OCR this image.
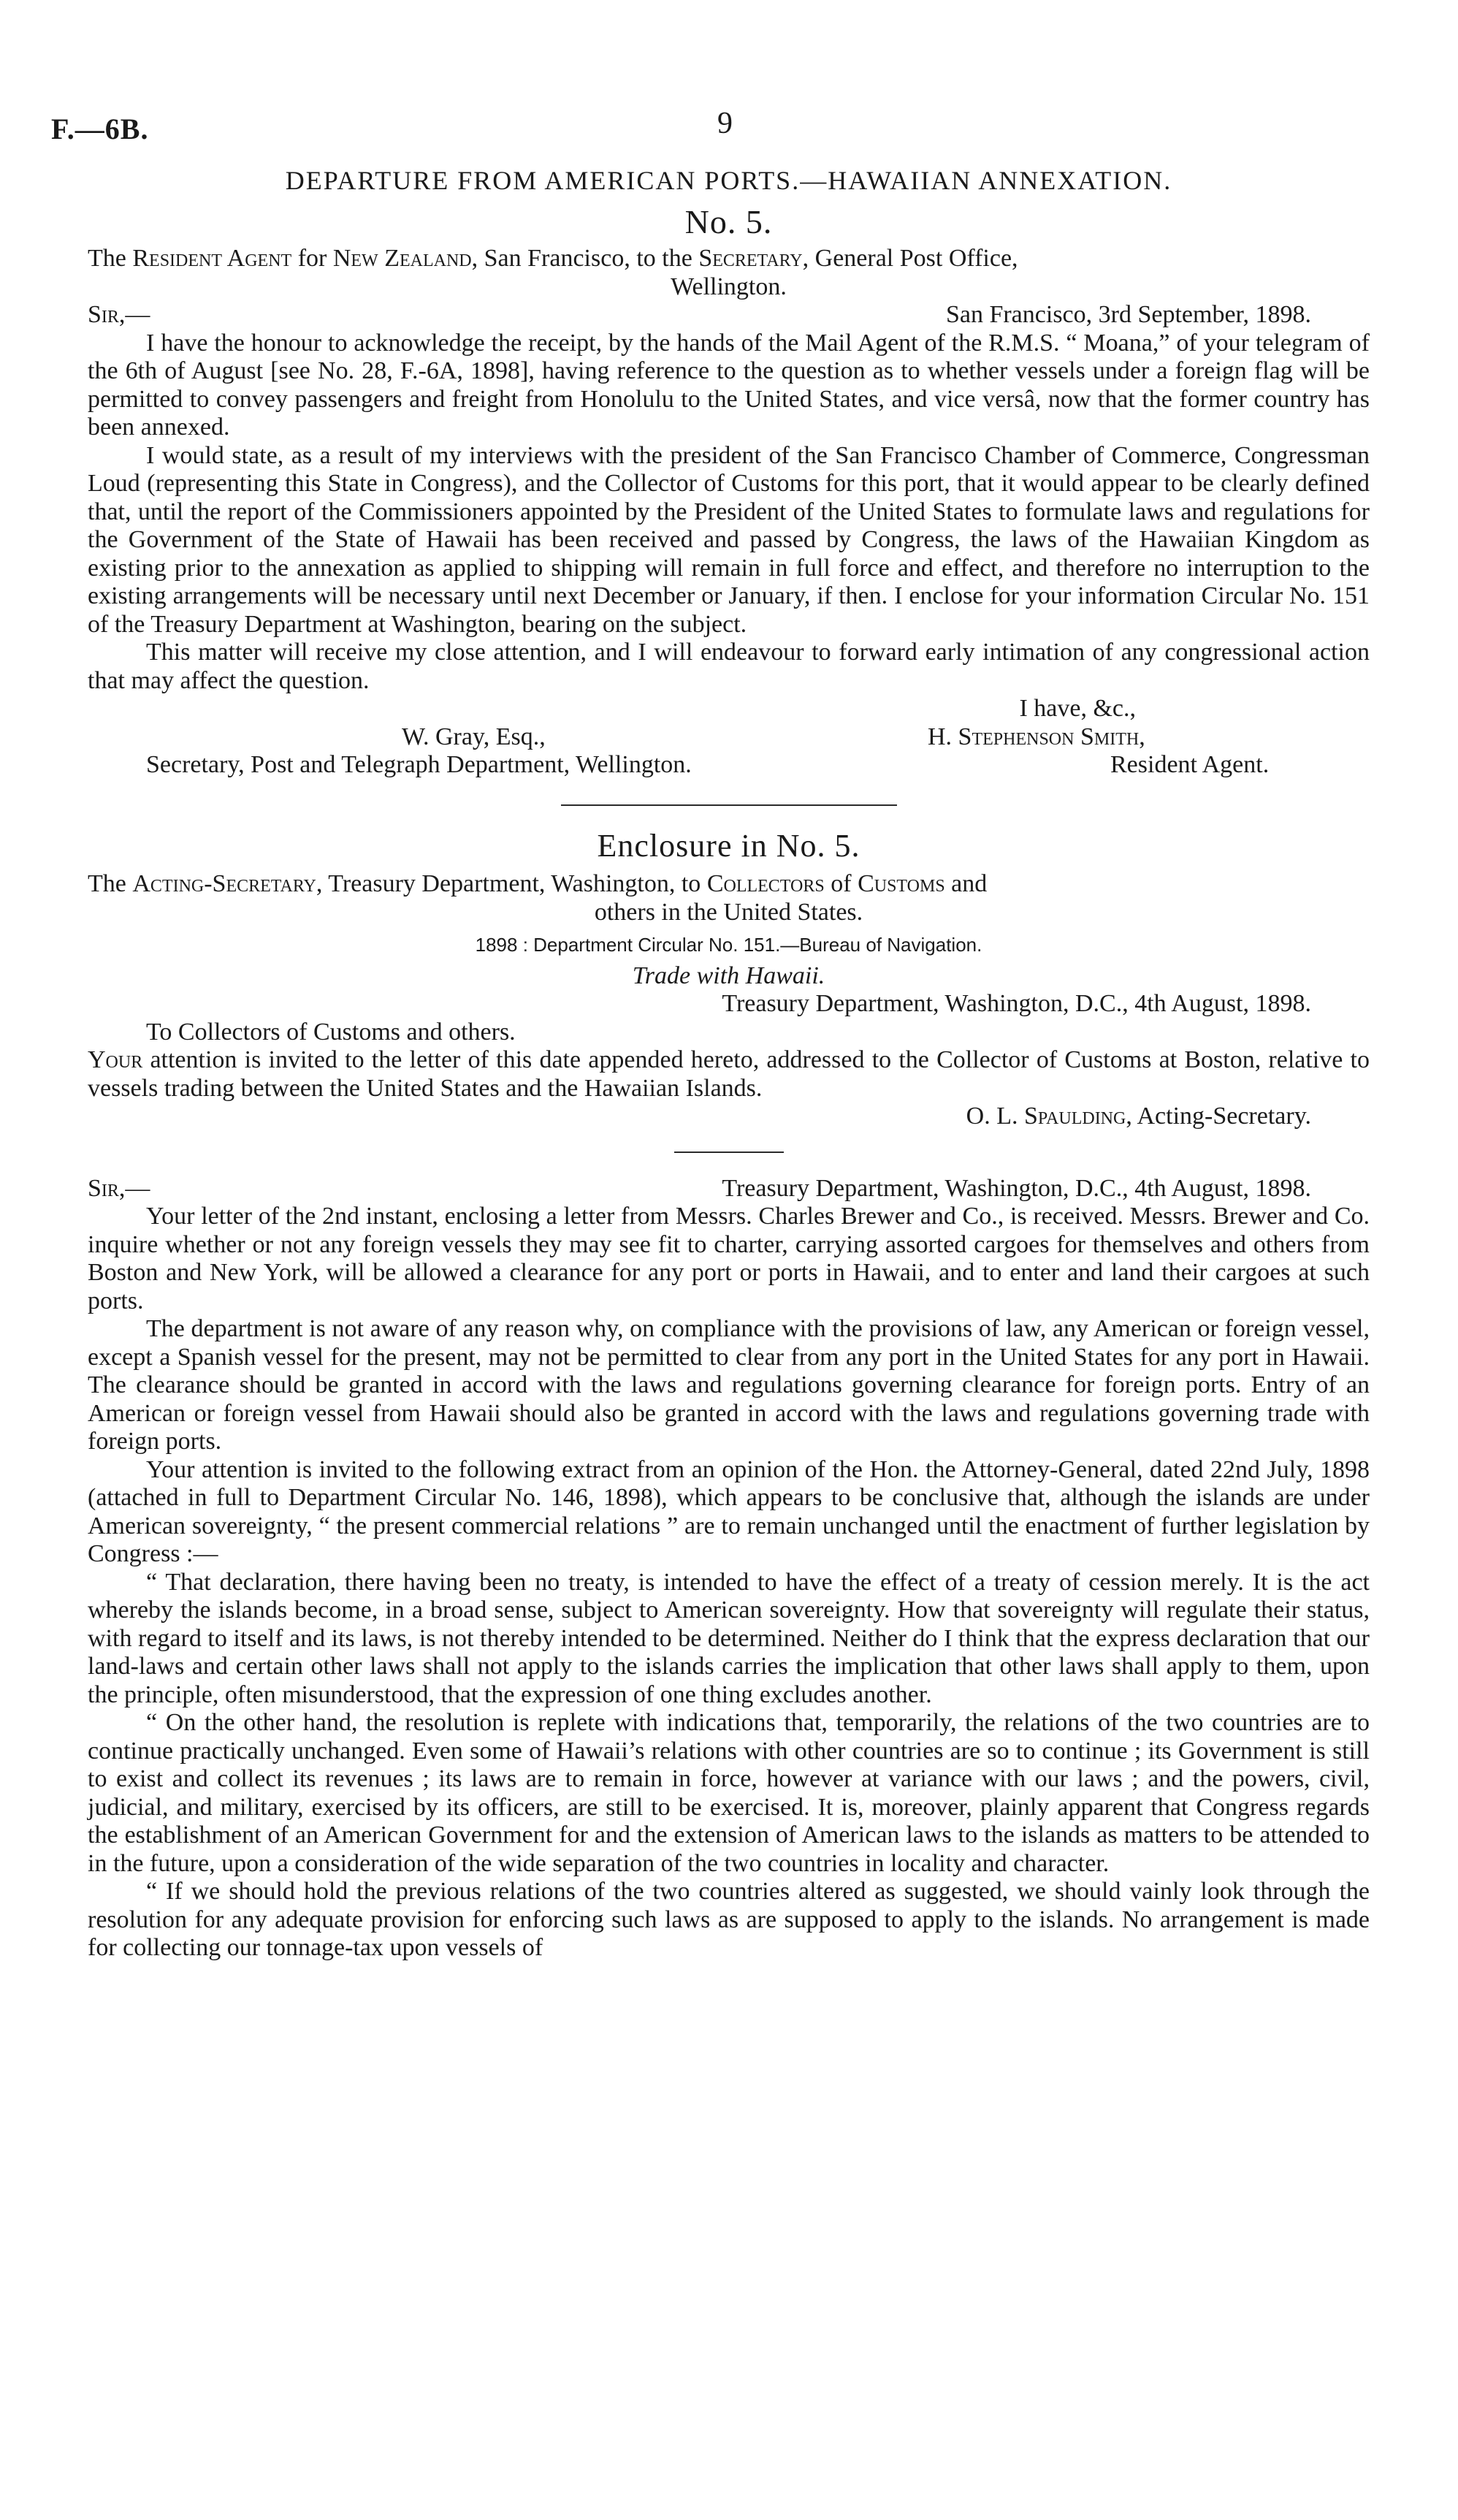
F.—6B.	9
DEPARTURE FROM AMERICAN PORTS.—HAWAIIAN ANNEXATION.
No. 5.
The Resident Agent for New Zealand, San Francisco, to the Secretary, General Post Office,
Wellington.
Sir,—	San Francisco, 3rd September, 1898.

I have the honour to acknowledge the receipt, by the hands of the Mail Agent of the R.M.S. “ Moana,” of your telegram of the 6th of August [see No. 28, F.-6A, 1898], having reference to the question as to whether vessels under a foreign flag will be permitted to convey passengers and freight from Honolulu to the United States, and vice versâ, now that the former country has been annexed.

I would state, as a result of my interviews with the president of the San Francisco Chamber of Commerce, Congressman Loud (representing this State in Congress), and the Collector of Customs for this port, that it would appear to be clearly defined that, until the report of the Commissioners appointed by the President of the United States to formulate laws and regulations for the Government of the State of Hawaii has been received and passed by Congress, the laws of the Hawaiian Kingdom as existing prior to the annexation as applied to shipping will remain in full force and effect, and therefore no interruption to the existing arrangements will be necessary until next December or January, if then. I enclose for your information Circular No. 151 of the Treasury Department at Washington, bearing on the subject.

This matter will receive my close attention, and I will endeavour to forward early intimation of any congressional action that may affect the question.

I have, &c.,
W. Gray, Esq.,	H. Stephenson Smith,
Secretary, Post and Telegraph Department, Wellington.	Resident Agent.
Enclosure in No. 5.
The Acting-Secretary, Treasury Department, Washington, to Collectors of Customs and
others in the United States.
1898 : Department Circular No. 151.—Bureau of Navigation.
Trade with Hawaii.
Treasury Department, Washington, D.C., 4th August, 1898.
To Collectors of Customs and others.

Your attention is invited to the letter of this date appended hereto, addressed to the Collector of Customs at Boston, relative to vessels trading between the United States and the Hawaiian Islands.

O. L. Spaulding, Acting-Secretary.
Sir,—	Treasury Department, Washington, D.C., 4th August, 1898.

Your letter of the 2nd instant, enclosing a letter from Messrs. Charles Brewer and Co., is received. Messrs. Brewer and Co. inquire whether or not any foreign vessels they may see fit to charter, carrying assorted cargoes for themselves and others from Boston and New York, will be allowed a clearance for any port or ports in Hawaii, and to enter and land their cargoes at such ports.

The department is not aware of any reason why, on compliance with the provisions of law, any American or foreign vessel, except a Spanish vessel for the present, may not be permitted to clear from any port in the United States for any port in Hawaii. The clearance should be granted in accord with the laws and regulations governing clearance for foreign ports. Entry of an American or foreign vessel from Hawaii should also be granted in accord with the laws and regulations governing trade with foreign ports.

Your attention is invited to the following extract from an opinion of the Hon. the Attorney-General, dated 22nd July, 1898 (attached in full to Department Circular No. 146, 1898), which appears to be conclusive that, although the islands are under American sovereignty, “ the present commercial relations ” are to remain unchanged until the enactment of further legislation by Congress :—

“ That declaration, there having been no treaty, is intended to have the effect of a treaty of cession merely. It is the act whereby the islands become, in a broad sense, subject to American sovereignty. How that sovereignty will regulate their status, with regard to itself and its laws, is not thereby intended to be determined. Neither do I think that the express declaration that our land-laws and certain other laws shall not apply to the islands carries the implication that other laws shall apply to them, upon the principle, often misunderstood, that the expression of one thing excludes another.

“ On the other hand, the resolution is replete with indications that, temporarily, the relations of the two countries are to continue practically unchanged. Even some of Hawaii’s relations with other countries are so to continue ; its Government is still to exist and collect its revenues ; its laws are to remain in force, however at variance with our laws ; and the powers, civil, judicial, and military, exercised by its officers, are still to be exercised. It is, moreover, plainly apparent that Congress regards the establishment of an American Government for and the extension of American laws to the islands as matters to be attended to in the future, upon a consideration of the wide separation of the two countries in locality and character.

“ If we should hold the previous relations of the two countries altered as suggested, we should vainly look through the resolution for any adequate provision for enforcing such laws as are supposed to apply to the islands. No arrangement is made for collecting our tonnage-tax upon vessels of
